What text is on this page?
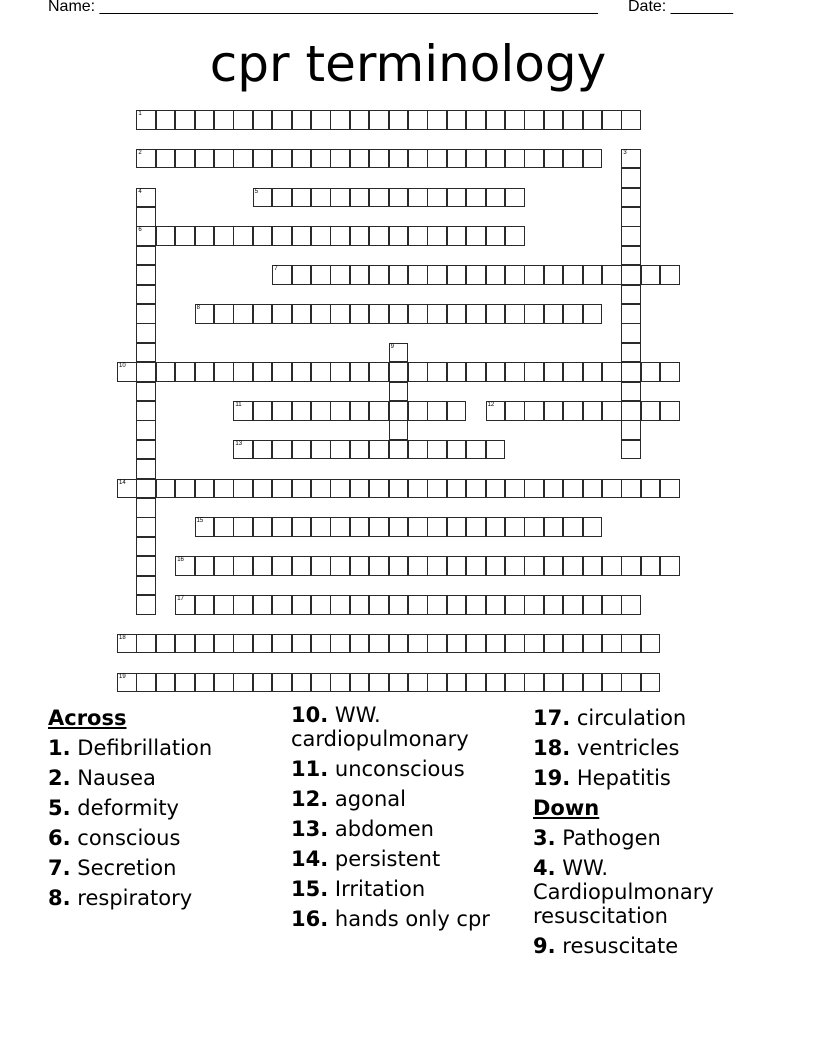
Name: ________________________________________________________ Date: _______
cpr terminology
1
2	3
4
6
5
7
8
9
10
11	12
13
14
15
16
17
18
19
Across
1. Defibrillation
2. Nausea
5. deformity
6. conscious
7. Secretion
8. respiratory
10. WW. cardiopulmonary
11. unconscious
12. agonal
13. abdomen
14. persistent
15. Irritation
16. hands only cpr
17. circulation
18. ventricles
19. Hepatitis
Down
3. Pathogen
4. WW. Cardiopulmonary resuscitation
9. resuscitate
